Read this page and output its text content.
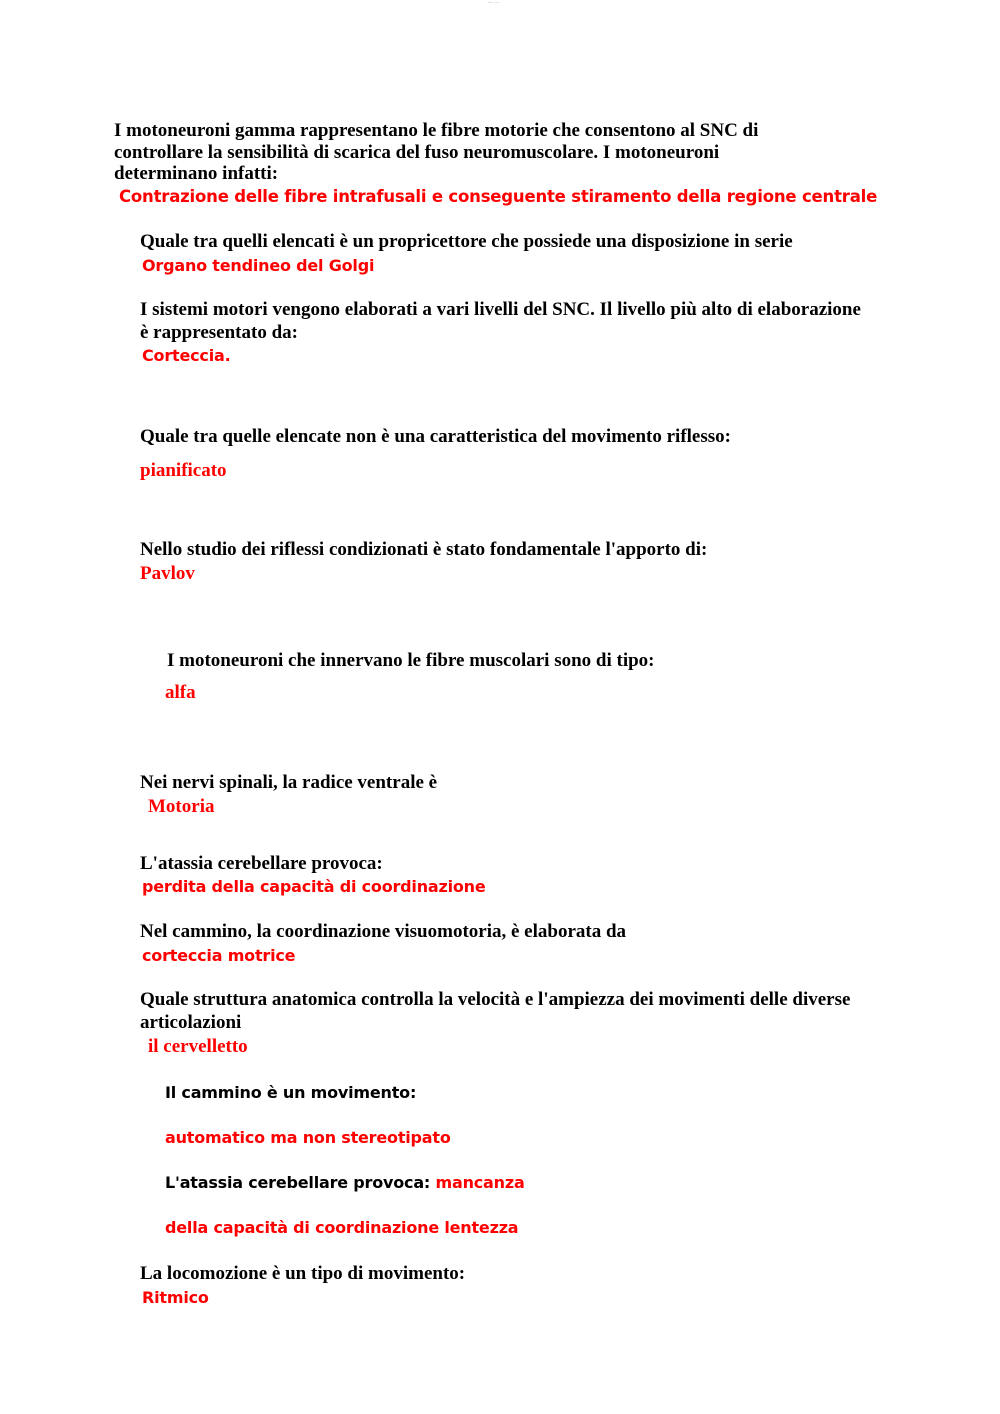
— ·····
I motoneuroni gamma rappresentano le fibre motorie che consentono al SNC di
controllare la sensibilità di scarica del fuso neuromuscolare. I motoneuroni
determinano infatti:
Contrazione delle fibre intrafusali e conseguente stiramento della regione centrale
Quale tra quelli elencati è un propricettore che possiede una disposizione in serie
Organo tendineo del Golgi
I sistemi motori vengono elaborati a vari livelli del SNC. Il livello più alto di elaborazione
è rappresentato da:
Corteccia.
Quale tra quelle elencate non è una caratteristica del movimento riflesso:
pianificato
Nello studio dei riflessi condizionati è stato fondamentale l'apporto di:
Pavlov
I motoneuroni che innervano le fibre muscolari sono di tipo:
alfa
Nei nervi spinali, la radice ventrale è
Motoria
L'atassia cerebellare provoca:
perdita della capacità di coordinazione
Nel cammino, la coordinazione visuomotoria, è elaborata da
corteccia motrice
Quale struttura anatomica controlla la velocità e l'ampiezza dei movimenti delle diverse
articolazioni
il cervelletto
Il cammino è un movimento:
automatico ma non stereotipato
L'atassia cerebellare provoca: mancanza
della capacità di coordinazione lentezza
La locomozione è un tipo di movimento:
Ritmico
